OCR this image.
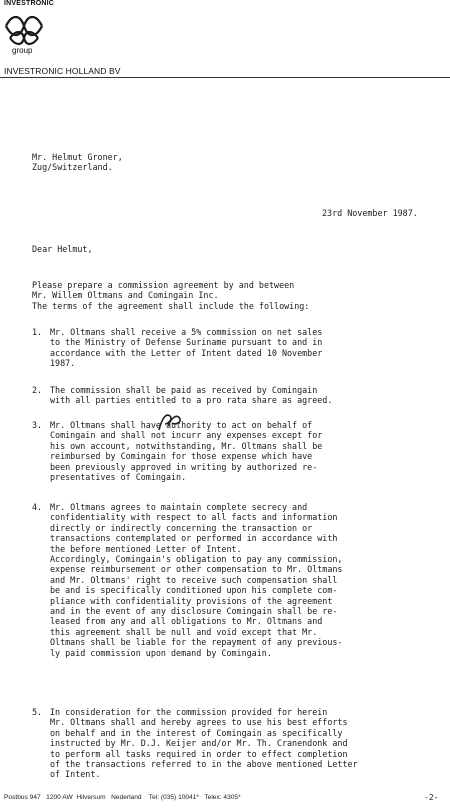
INVESTRONIC
group
INVESTRONIC HOLLAND BV
Mr. Helmut Groner,
Zug/Switzerland.
23rd November 1987.
Dear Helmut,
Please prepare a commission agreement by and between
Mr. Willem Oltmans and Comingain Inc.
The terms of the agreement shall include the following:
1. Mr. Oltmans shall receive a 5% commission on net sales
to the Ministry of Defense Suriname pursuant to and in
accordance with the Letter of Intent dated 10 November
1987.
2. The commission shall be paid as received by Comingain
with all parties entitled to a pro rata share as agreed.
3. Mr. Oltmans shall have authority to act on behalf of
Comingain and shall not incurr any expenses except for
his own account, notwithstanding, Mr. Oltmans shall be
reimbursed by Comingain for those expense which have
been previously approved in writing by authorized re-
presentatives of Comingain.
4. Mr. Oltmans agrees to maintain complete secrecy and
confidentiality with respect to all facts and information
directly or indirectly concerning the transaction or
transactions contemplated or performed in accordance with
the before mentioned Letter of Intent.
Accordingly, Comingain's obligation to pay any commission,
expense reimbursement or other compensation to Mr. Oltmans
and Mr. Oltmans' right to receive such compensation shall
be and is specifically conditioned upon his complete com-
pliance with confidentiality provisions of the agreement
and in the event of any disclosure Comingain shall be re-
leased from any and all obligations to Mr. Oltmans and
this agreement shall be null and void except that Mr.
Oltmans shall be liable for the repayment of any previous-
ly paid commission upon demand by Comingain.
5. In consideration for the commission provided for herein
Mr. Oltmans shall and hereby agrees to use his best efforts
on behalf and in the interest of Comingain as specifically
instructed by Mr. D.J. Keijer and/or Mr. Th. Cranendonk and
to perform all tasks required in order to effect completion
of the transactions referred to in the above mentioned Letter
of Intent.
Postbus 947   1200 AW  Hilversum   Nederland    Tel: (035) 10041*   Telex: 4305*	-2-
